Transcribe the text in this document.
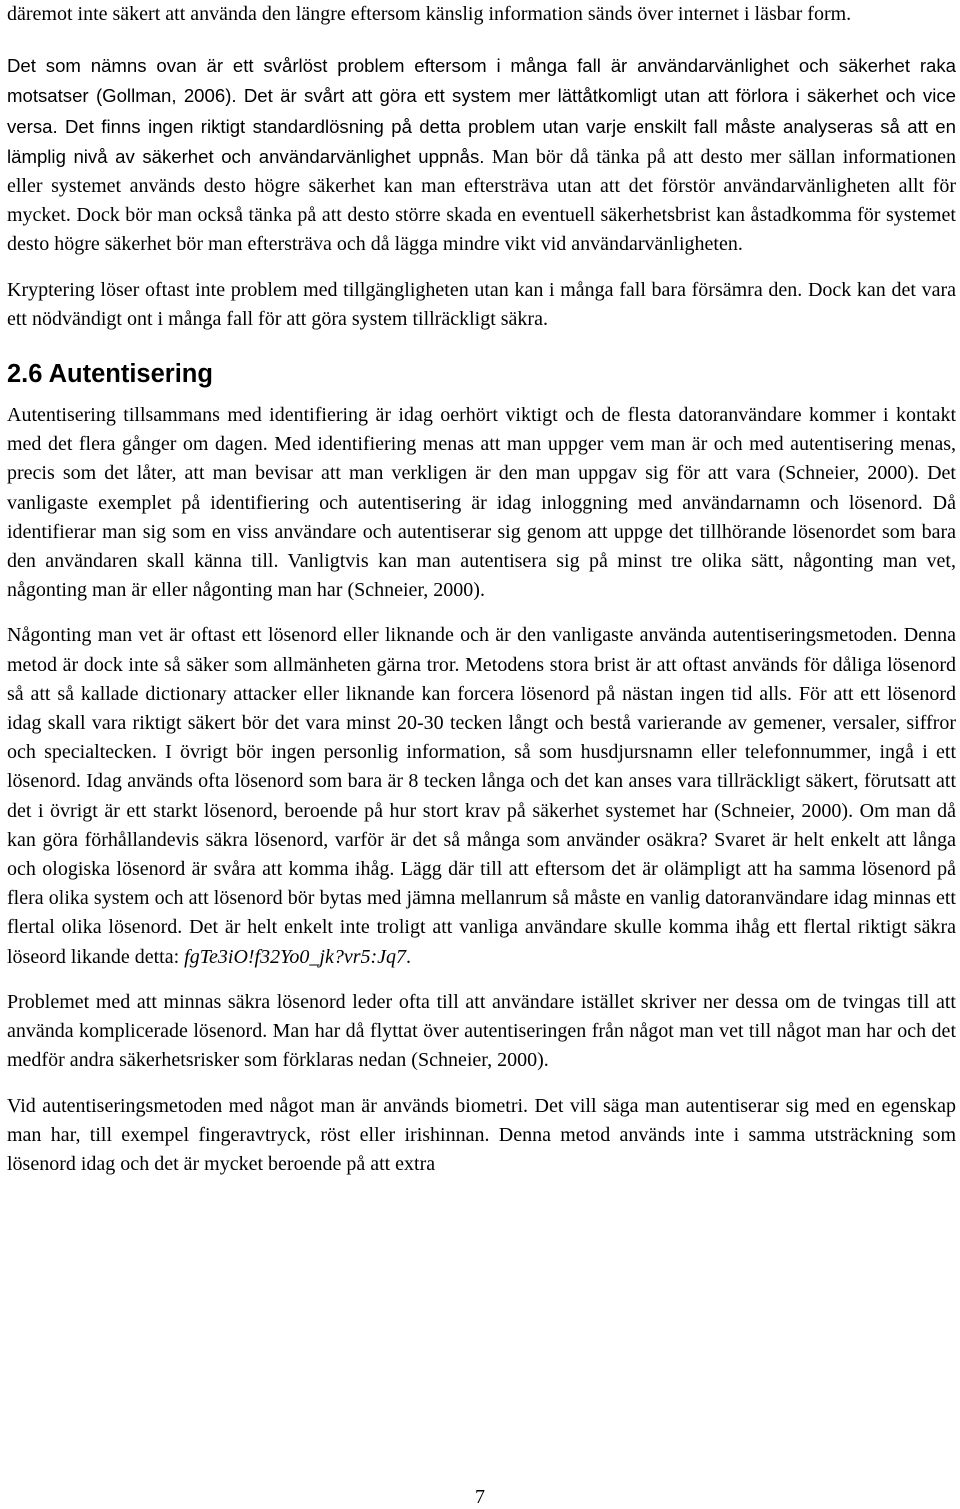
däremot inte säkert att använda den längre eftersom känslig information sänds över internet i läsbar form.

Det som nämns ovan är ett svårlöst problem eftersom i många fall är användarvänlighet och säkerhet raka motsatser (Gollman, 2006). Det är svårt att göra ett system mer lättåtkomligt utan att förlora i säkerhet och vice versa. Det finns ingen riktigt standardlösning på detta problem utan varje enskilt fall måste analyseras så att en lämplig nivå av säkerhet och användarvänlighet uppnås. Man bör då tänka på att desto mer sällan informationen eller systemet används desto högre säkerhet kan man eftersträva utan att det förstör användarvänligheten allt för mycket. Dock bör man också tänka på att desto större skada en eventuell säkerhetsbrist kan åstadkomma för systemet desto högre säkerhet bör man eftersträva och då lägga mindre vikt vid användarvänligheten.

Kryptering löser oftast inte problem med tillgängligheten utan kan i många fall bara försämra den. Dock kan det vara ett nödvändigt ont i många fall för att göra system tillräckligt säkra.

2.6 Autentisering

Autentisering tillsammans med identifiering är idag oerhört viktigt och de flesta datoranvändare kommer i kontakt med det flera gånger om dagen. Med identifiering menas att man uppger vem man är och med autentisering menas, precis som det låter, att man bevisar att man verkligen är den man uppgav sig för att vara (Schneier, 2000). Det vanligaste exemplet på identifiering och autentisering är idag inloggning med användarnamn och lösenord. Då identifierar man sig som en viss användare och autentiserar sig genom att uppge det tillhörande lösenordet som bara den användaren skall känna till. Vanligtvis kan man autentisera sig på minst tre olika sätt, någonting man vet, någonting man är eller någonting man har (Schneier, 2000).

Någonting man vet är oftast ett lösenord eller liknande och är den vanligaste använda autentiseringsmetoden. Denna metod är dock inte så säker som allmänheten gärna tror. Metodens stora brist är att oftast används för dåliga lösenord så att så kallade dictionary attacker eller liknande kan forcera lösenord på nästan ingen tid alls. För att ett lösenord idag skall vara riktigt säkert bör det vara minst 20-30 tecken långt och bestå varierande av gemener, versaler, siffror och specialtecken. I övrigt bör ingen personlig information, så som husdjursnamn eller telefonnummer, ingå i ett lösenord. Idag används ofta lösenord som bara är 8 tecken långa och det kan anses vara tillräckligt säkert, förutsatt att det i övrigt är ett starkt lösenord, beroende på hur stort krav på säkerhet systemet har (Schneier, 2000). Om man då kan göra förhållandevis säkra lösenord, varför är det så många som använder osäkra? Svaret är helt enkelt att långa och ologiska lösenord är svåra att komma ihåg. Lägg där till att eftersom det är olämpligt att ha samma lösenord på flera olika system och att lösenord bör bytas med jämna mellanrum så måste en vanlig datoranvändare idag minnas ett flertal olika lösenord. Det är helt enkelt inte troligt att vanliga användare skulle komma ihåg ett flertal riktigt säkra löseord likande detta: fgTe3iO!f32Yo0_jk?vr5:Jq7.

Problemet med att minnas säkra lösenord leder ofta till att användare istället skriver ner dessa om de tvingas till att använda komplicerade lösenord. Man har då flyttat över autentiseringen från något man vet till något man har och det medför andra säkerhetsrisker som förklaras nedan (Schneier, 2000).

Vid autentiseringsmetoden med något man är används biometri. Det vill säga man autentiserar sig med en egenskap man har, till exempel fingeravtryck, röst eller irishinnan. Denna metod används inte i samma utsträckning som lösenord idag och det är mycket beroende på att extra

7
